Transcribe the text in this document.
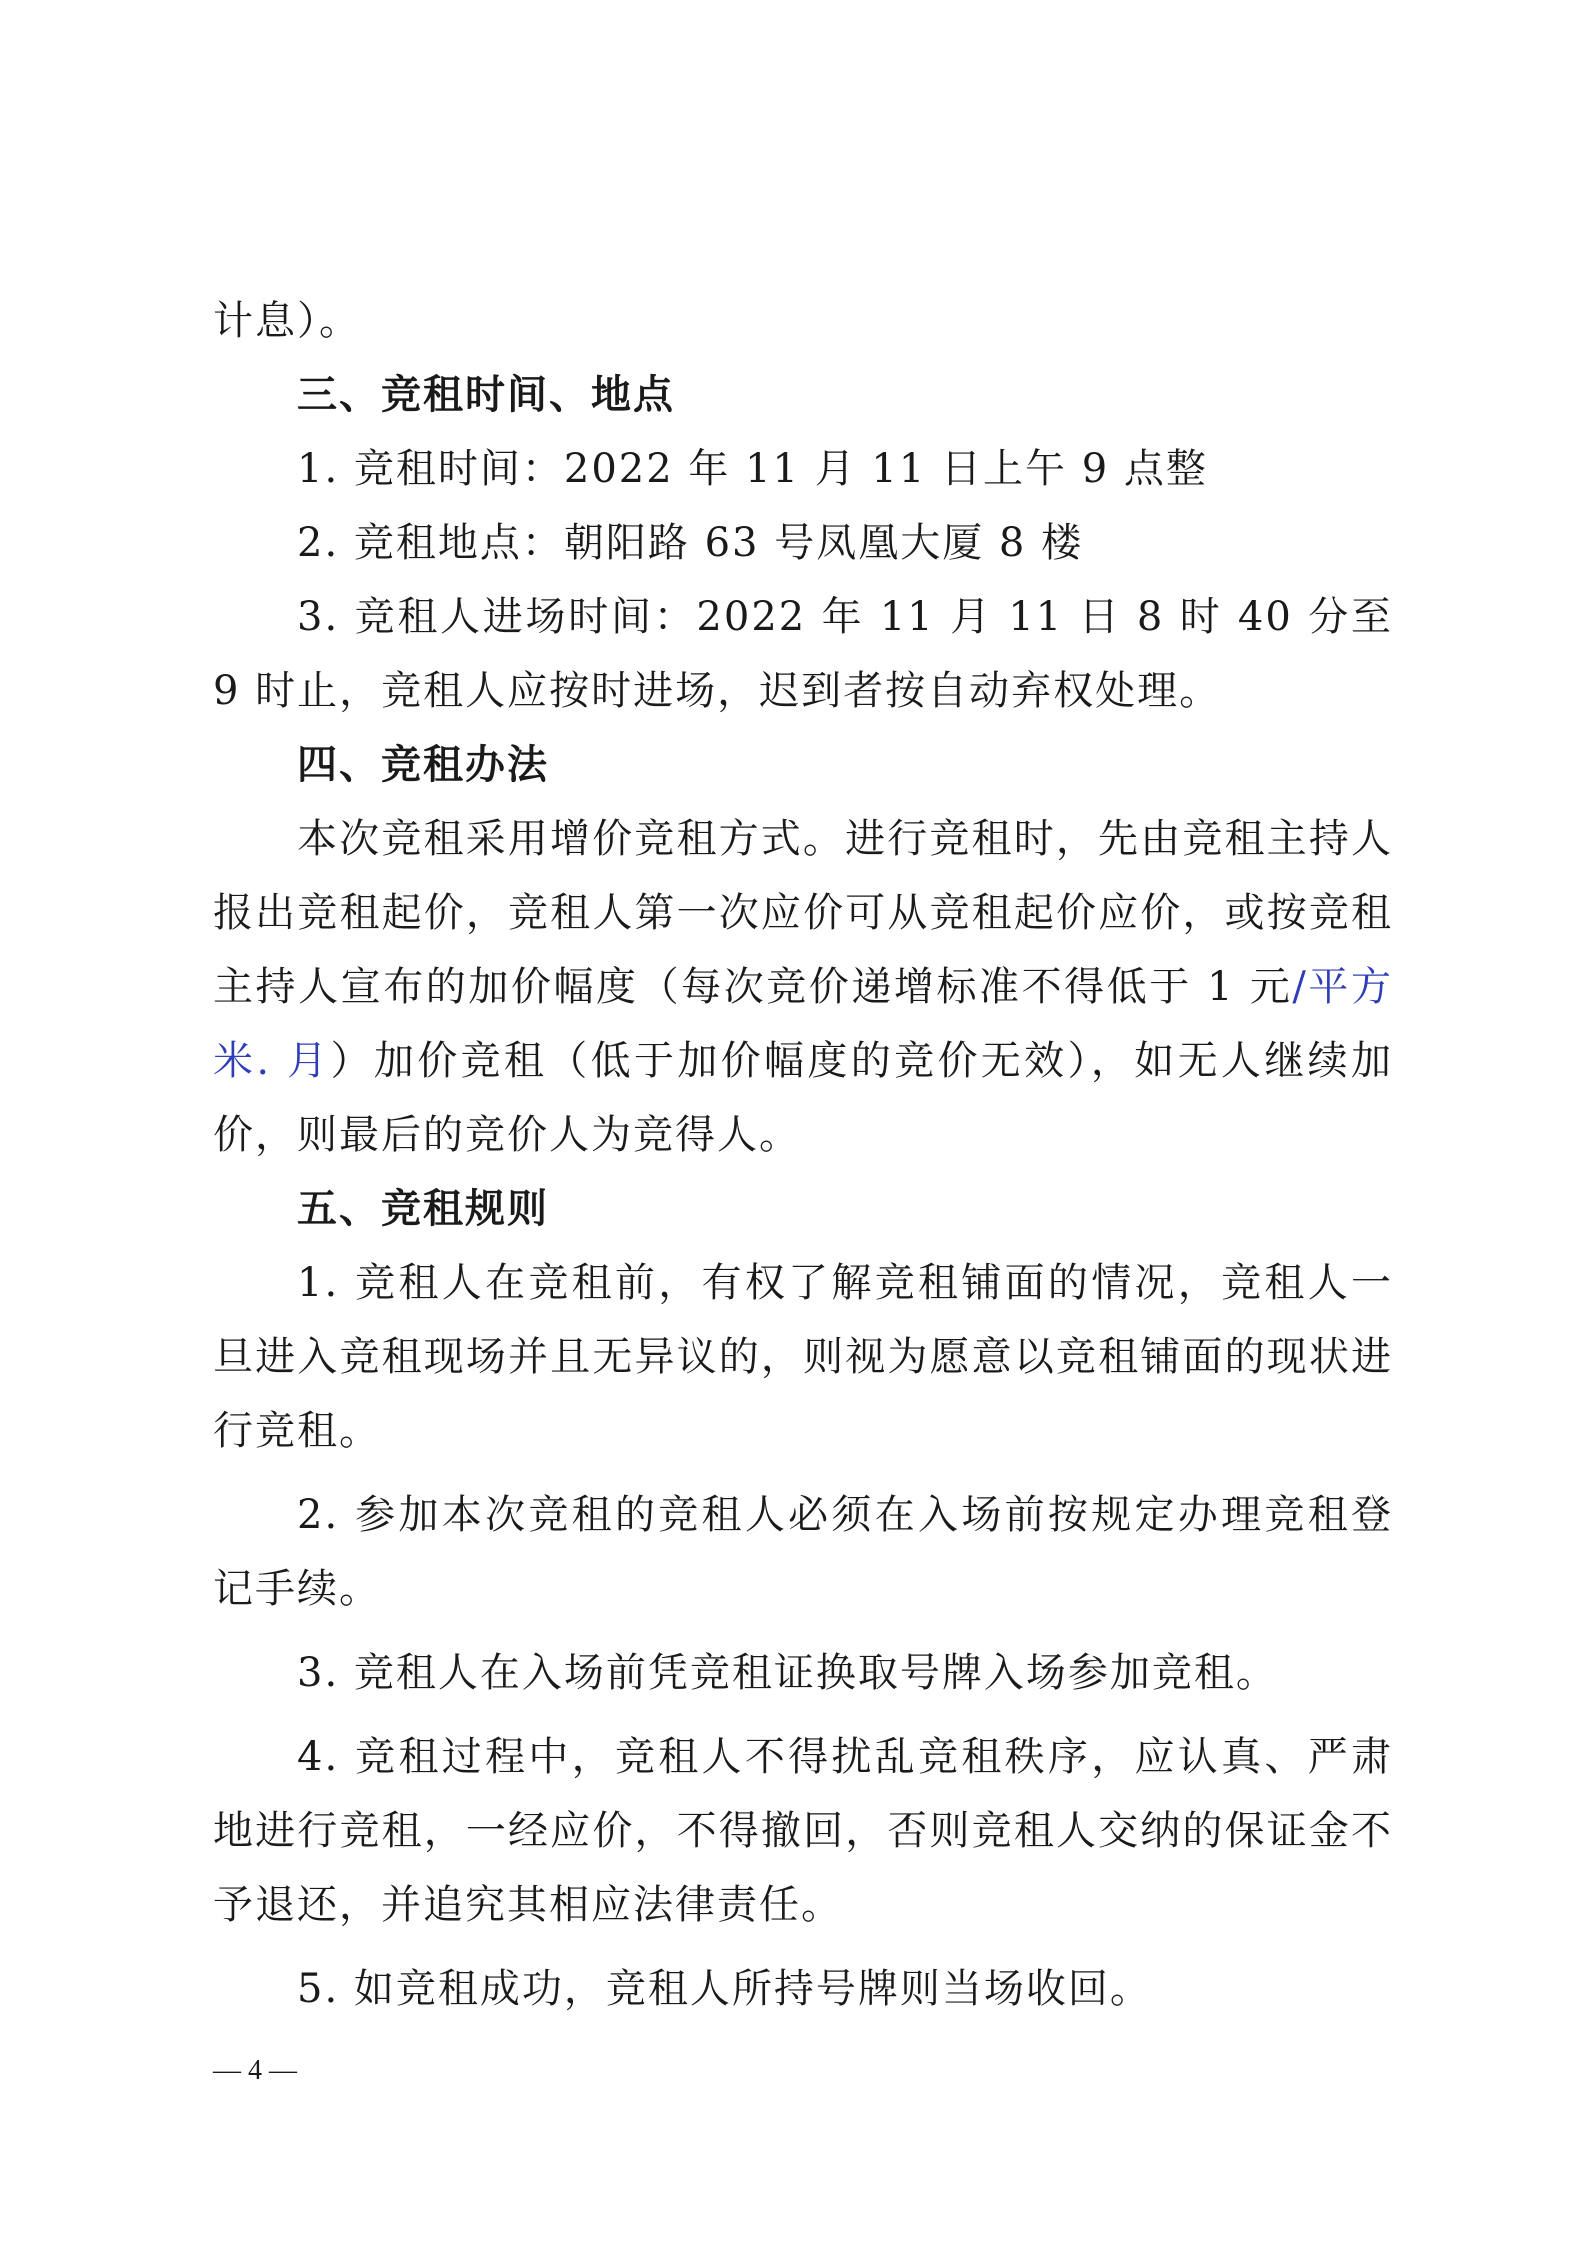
计息）。

三、竞租时间、地点

1. 竞租时间：2022 年 11 月 11 日上午 9 点整

2. 竞租地点：朝阳路 63 号凤凰大厦 8 楼

3. 竞租人进场时间：2022 年 11 月 11 日 8 时 40 分至 9 时止，竞租人应按时进场，迟到者按自动弃权处理。

四、竞租办法

本次竞租采用增价竞租方式。进行竞租时，先由竞租主持人报出竞租起价，竞租人第一次应价可从竞租起价应价，或按竞租主持人宣布的加价幅度（每次竞价递增标准不得低于 1 元/平方米. 月）加价竞租（低于加价幅度的竞价无效），如无人继续加价，则最后的竞价人为竞得人。

五、竞租规则

1. 竞租人在竞租前，有权了解竞租铺面的情况，竞租人一旦进入竞租现场并且无异议的，则视为愿意以竞租铺面的现状进行竞租。

2. 参加本次竞租的竞租人必须在入场前按规定办理竞租登记手续。

3. 竞租人在入场前凭竞租证换取号牌入场参加竞租。

4. 竞租过程中，竞租人不得扰乱竞租秩序，应认真、严肃地进行竞租，一经应价，不得撤回，否则竞租人交纳的保证金不予退还，并追究其相应法律责任。

5. 如竞租成功，竞租人所持号牌则当场收回。

— 4 —
